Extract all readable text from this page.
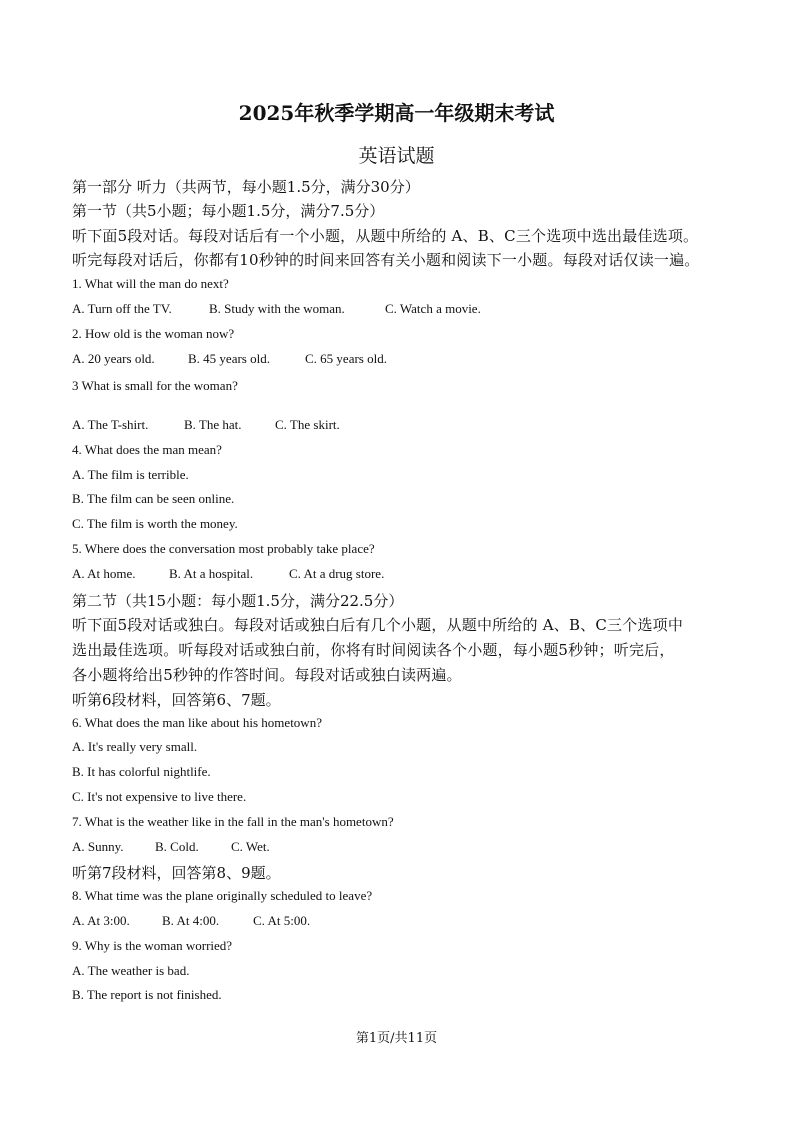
2025年秋季学期高一年级期末考试
英语试题
第一部分 听力（共两节，每小题1.5分，满分30分）
第一节（共5小题；每小题1.5分，满分7.5分）
听下面5段对话。每段对话后有一个小题，从题中所给的 A、B、C三个选项中选出最佳选项。
听完每段对话后，你都有10秒钟的时间来回答有关小题和阅读下一小题。每段对话仅读一遍。
1. What will the man do next?
A. Turn off the TV.	B. Study with the woman.	C. Watch a movie.
2. How old is the woman now?
A. 20 years old.	B. 45 years old.	C. 65 years old.
3 What is small for the woman?
A. The T-shirt.	B. The hat.	C. The skirt.
4. What does the man mean?
A. The film is terrible.
B. The film can be seen online.
C. The film is worth the money.
5. Where does the conversation most probably take place?
A. At home.	B. At a hospital.	C. At a drug store.
第二节（共15小题：每小题1.5分，满分22.5分）
听下面5段对话或独白。每段对话或独白后有几个小题，从题中所给的 A、B、C三个选项中
选出最佳选项。听每段对话或独白前，你将有时间阅读各个小题，每小题5秒钟；听完后，
各小题将给出5秒钟的作答时间。每段对话或独白读两遍。
听第6段材料，回答第6、7题。
6. What does the man like about his hometown?
A. It's really very small.
B. It has colorful nightlife.
C. It's not expensive to live there.
7. What is the weather like in the fall in the man's hometown?
A. Sunny. B. Cold. C. Wet.
听第7段材料，回答第8、9题。
8. What time was the plane originally scheduled to leave?
A. At 3:00. B. At 4:00.	C. At 5:00.
9. Why is the woman worried?
A. The weather is bad.
B. The report is not finished.
第1页/共11页
